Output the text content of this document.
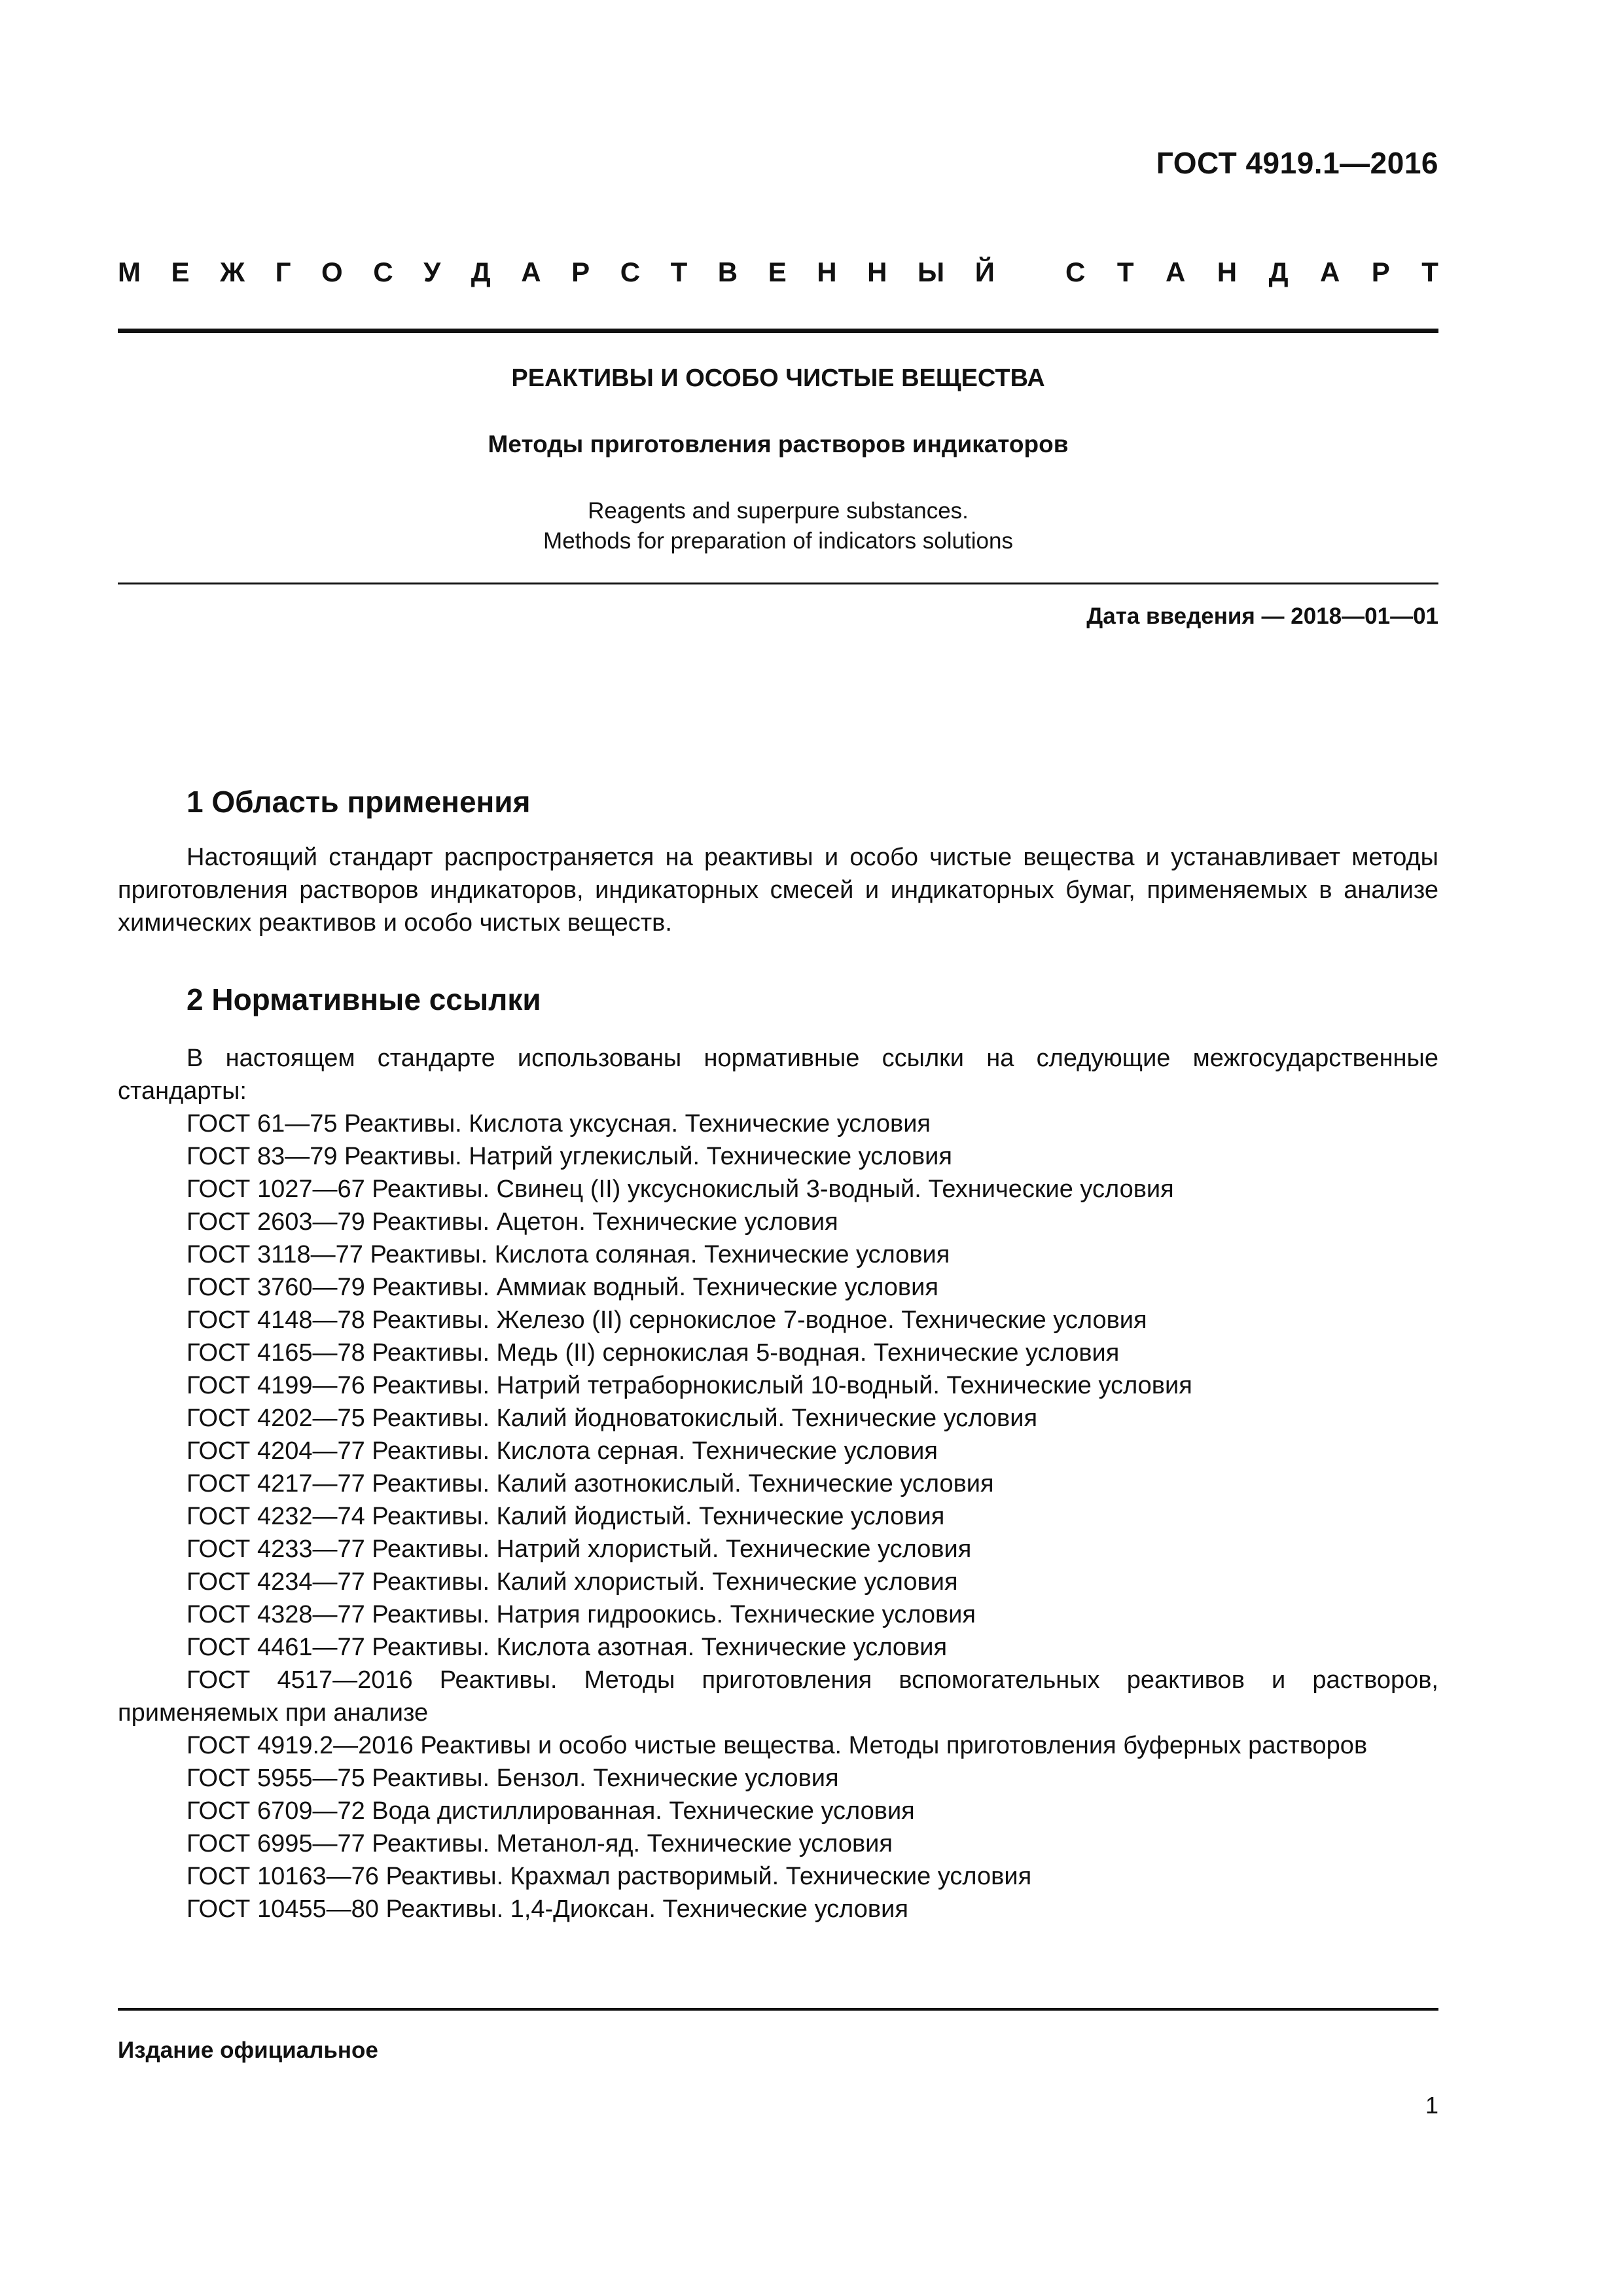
ГОСТ 4919.1—2016
М Е Ж Г О С У Д А Р С Т В Е Н Н Ы Й	С Т А Н Д А Р Т
РЕАКТИВЫ И ОСОБО ЧИСТЫЕ ВЕЩЕСТВА
Методы приготовления растворов индикаторов
Reagents and superpure substances.
Methods for preparation of indicators solutions
Дата введения — 2018—01—01
1 Область применения
Настоящий стандарт распространяется на реактивы и особо чистые вещества и устанавливает методы приготовления растворов индикаторов, индикаторных смесей и индикаторных бумаг, применяемых в анализе химических реактивов и особо чистых веществ.
2 Нормативные ссылки
В настоящем стандарте использованы нормативные ссылки на следующие межгосударственные стандарты:
ГОСТ 61—75 Реактивы. Кислота уксусная. Технические условия
ГОСТ 83—79 Реактивы. Натрий углекислый. Технические условия
ГОСТ 1027—67 Реактивы. Свинец (II) уксуснокислый 3-водный. Технические условия
ГОСТ 2603—79 Реактивы. Ацетон. Технические условия
ГОСТ 3118—77 Реактивы. Кислота соляная. Технические условия
ГОСТ 3760—79 Реактивы. Аммиак водный. Технические условия
ГОСТ 4148—78 Реактивы. Железо (II) сернокислое 7-водное. Технические условия
ГОСТ 4165—78 Реактивы. Медь (II) сернокислая 5-водная. Технические условия
ГОСТ 4199—76 Реактивы. Натрий тетраборнокислый 10-водный. Технические условия
ГОСТ 4202—75 Реактивы. Калий йодноватокислый. Технические условия
ГОСТ 4204—77 Реактивы. Кислота серная. Технические условия
ГОСТ 4217—77 Реактивы. Калий азотнокислый. Технические условия
ГОСТ 4232—74 Реактивы. Калий йодистый. Технические условия
ГОСТ 4233—77 Реактивы. Натрий хлористый. Технические условия
ГОСТ 4234—77 Реактивы. Калий хлористый. Технические условия
ГОСТ 4328—77 Реактивы. Натрия гидроокись. Технические условия
ГОСТ 4461—77 Реактивы. Кислота азотная. Технические условия
ГОСТ 4517—2016 Реактивы. Методы приготовления вспомогательных реактивов и растворов, применяемых при анализе
ГОСТ 4919.2—2016 Реактивы и особо чистые вещества. Методы приготовления буферных растворов
ГОСТ 5955—75 Реактивы. Бензол. Технические условия
ГОСТ 6709—72 Вода дистиллированная. Технические условия
ГОСТ 6995—77 Реактивы. Метанол-яд. Технические условия
ГОСТ 10163—76 Реактивы. Крахмал растворимый. Технические условия
ГОСТ 10455—80 Реактивы. 1,4-Диоксан. Технические условия
Издание официальное
1
